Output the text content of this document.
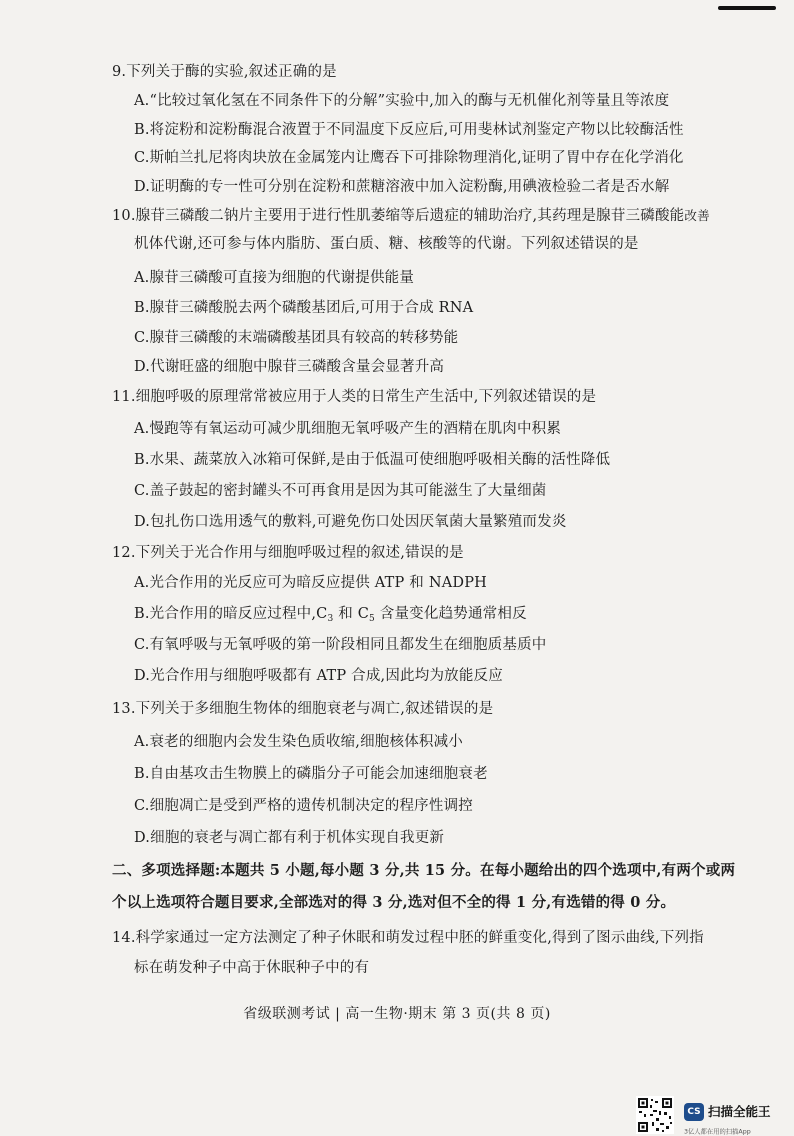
9.下列关于酶的实验,叙述正确的是
A.“比较过氧化氢在不同条件下的分解”实验中,加入的酶与无机催化剂等量且等浓度
B.将淀粉和淀粉酶混合液置于不同温度下反应后,可用斐林试剂鉴定产物以比较酶活性
C.斯帕兰扎尼将肉块放在金属笼内让鹰吞下可排除物理消化,证明了胃中存在化学消化
D.证明酶的专一性可分别在淀粉和蔗糖溶液中加入淀粉酶,用碘液检验二者是否水解
10.腺苷三磷酸二钠片主要用于进行性肌萎缩等后遗症的辅助治疗,其药理是腺苷三磷酸能改善
机体代谢,还可参与体内脂肪、蛋白质、糖、核酸等的代谢。下列叙述错误的是
A.腺苷三磷酸可直接为细胞的代谢提供能量
B.腺苷三磷酸脱去两个磷酸基团后,可用于合成 RNA
C.腺苷三磷酸的末端磷酸基团具有较高的转移势能
D.代谢旺盛的细胞中腺苷三磷酸含量会显著升高
11.细胞呼吸的原理常常被应用于人类的日常生产生活中,下列叙述错误的是
A.慢跑等有氧运动可减少肌细胞无氧呼吸产生的酒精在肌肉中积累
B.水果、蔬菜放入冰箱可保鲜,是由于低温可使细胞呼吸相关酶的活性降低
C.盖子鼓起的密封罐头不可再食用是因为其可能滋生了大量细菌
D.包扎伤口选用透气的敷料,可避免伤口处因厌氧菌大量繁殖而发炎
12.下列关于光合作用与细胞呼吸过程的叙述,错误的是
A.光合作用的光反应可为暗反应提供 ATP 和 NADPH
B.光合作用的暗反应过程中$,C_3$ 和 $C_5$ 含量变化趋势通常相反
C.有氧呼吸与无氧呼吸的第一阶段相同且都发生在细胞质基质中
D.光合作用与细胞呼吸都有 ATP 合成,因此均为放能反应
13.下列关于多细胞生物体的细胞衰老与凋亡,叙述错误的是
A.衰老的细胞内会发生染色质收缩,细胞核体积减小
B.自由基攻击生物膜上的磷脂分子可能会加速细胞衰老
C.细胞凋亡是受到严格的遗传机制决定的程序性调控
D.细胞的衰老与凋亡都有利于机体实现自我更新
二、多项选择题:本题共 5 小题,每小题 3 分,共 15 分。在每小题给出的四个选项中,有两个或两
个以上选项符合题目要求,全部选对的得 3 分,选对但不全的得 1 分,有选错的得 0 分。
14.科学家通过一定方法测定了种子休眠和萌发过程中胚的鲜重变化,得到了图示曲线,下列指
标在萌发种子中高于休眠种子中的有
省级联测考试 | 高一生物·期末 第 3 页(共 8 页)
CS 扫描全能王
3亿人都在用的扫描App
